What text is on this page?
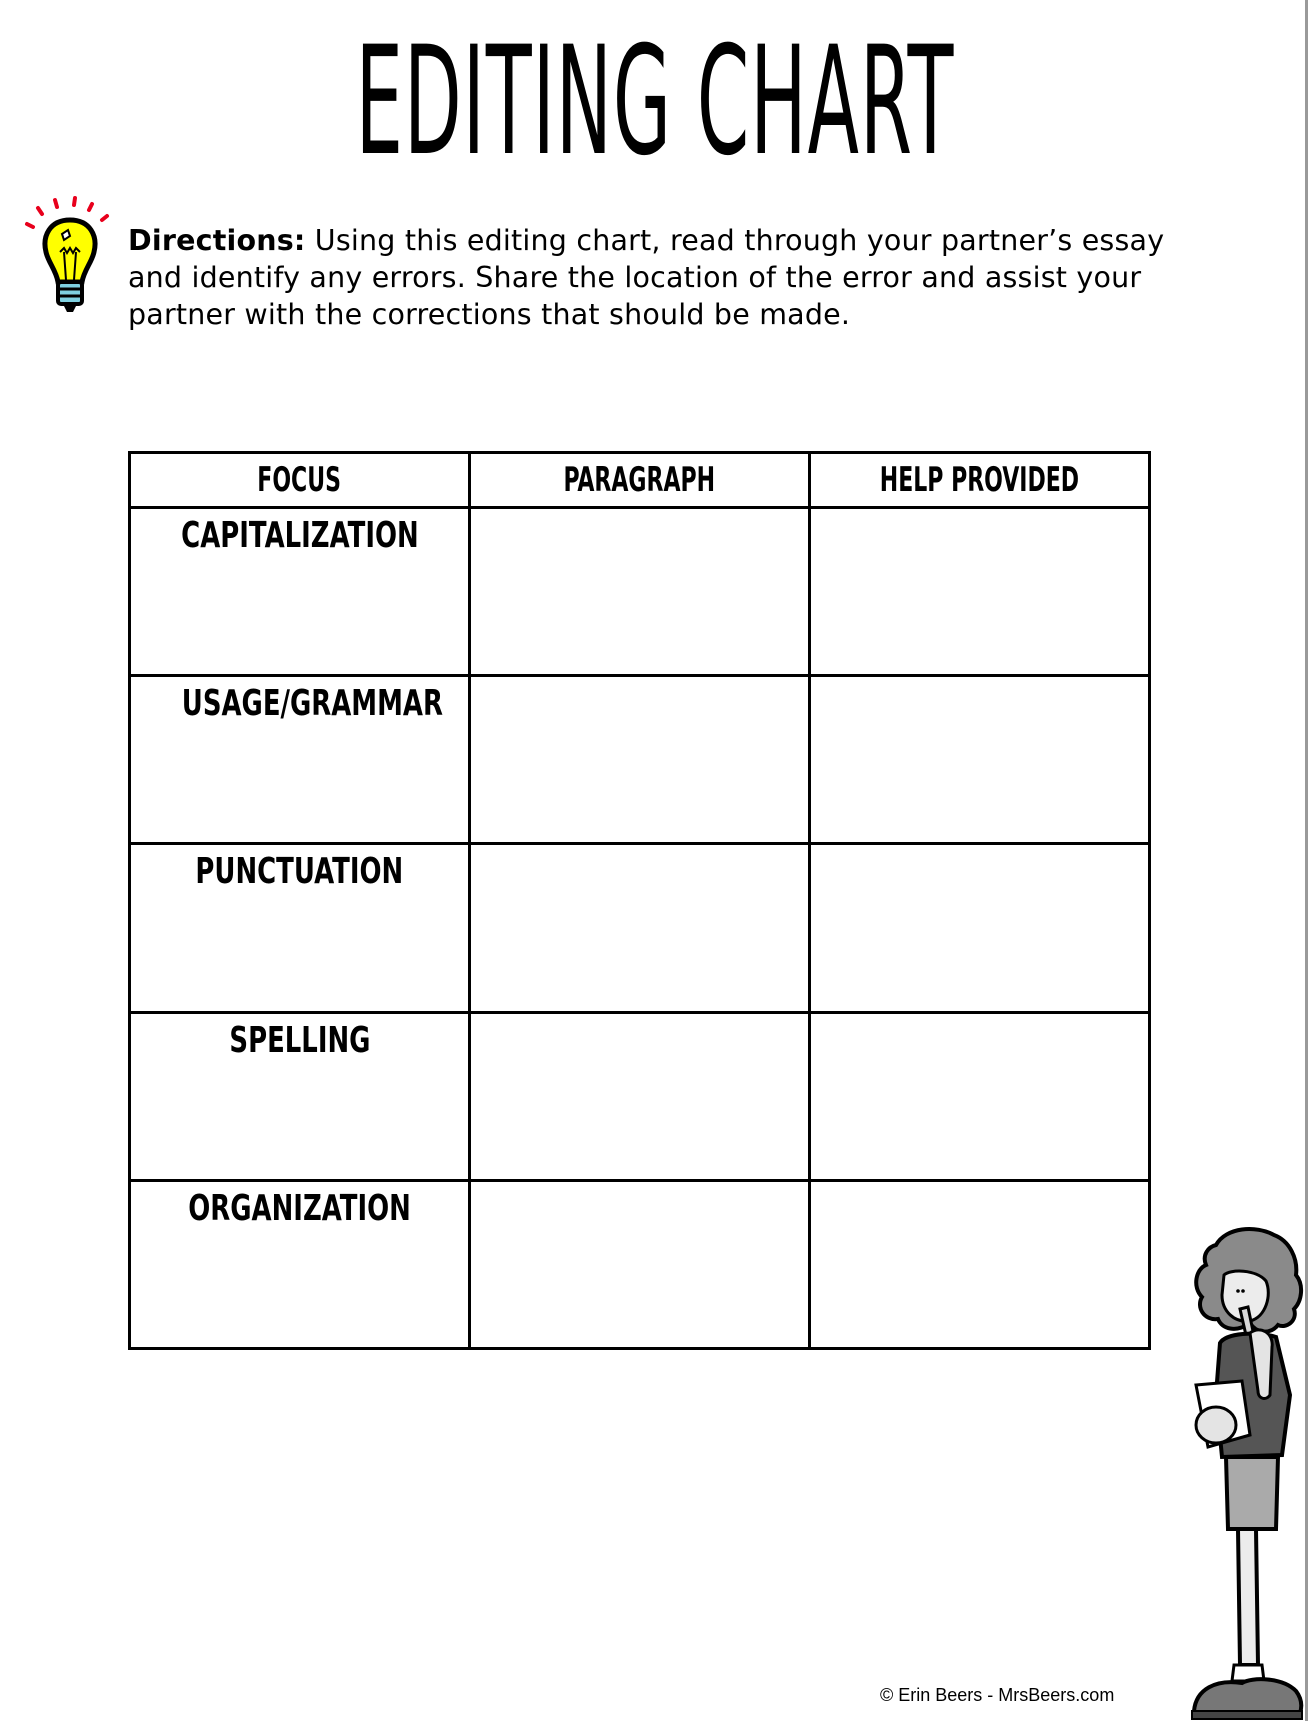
EDITING CHART
Directions: Using this editing chart, read through your partner’s essay and identify any errors. Share the location of the error and assist your partner with the corrections that should be made.
FOCUS	PARAGRAPH	HELP PROVIDED

CAPITALIZATION		

USAGE/GRAMMAR		

PUNCTUATION		

SPELLING		

ORGANIZATION		

© Erin Beers - MrsBeers.com
